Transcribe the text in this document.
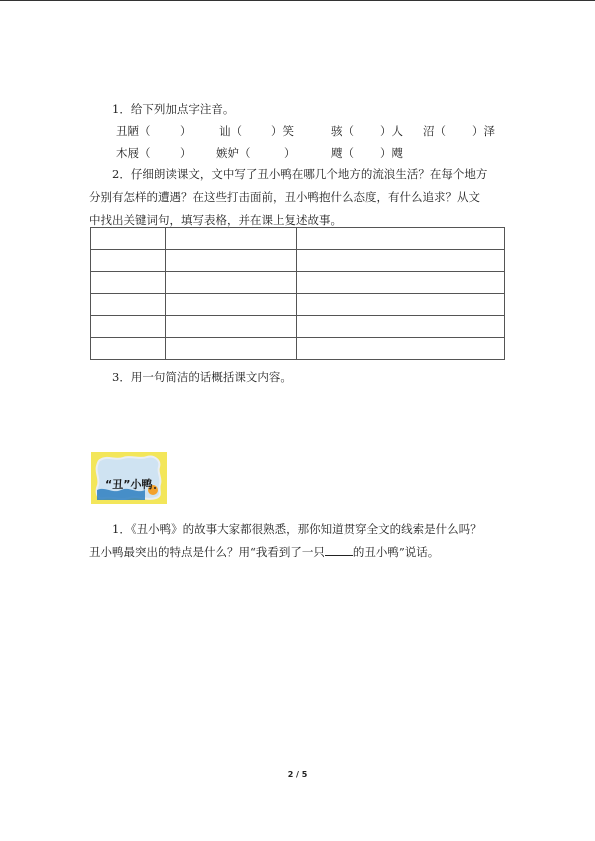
1．给下列加点字注音。
丑陋（	） 讪（	）笑	骇（ ）人 沼（ ）泽
木屐（	） 嫉妒（	）	飕（ ）飕
2．仔细朗读课文，文中写了丑小鸭在哪几个地方的流浪生活？在每个地方
分别有怎样的遭遇？在这些打击面前，丑小鸭抱什么态度，有什么追求？从文
中找出关键词句，填写表格，并在课上复述故事。

3．用一句简洁的话概括课文内容。
“丑”小鸭
1．《丑小鸭》的故事大家都很熟悉，那你知道贯穿全文的线索是什么吗？
丑小鸭最突出的特点是什么？用“我看到了一只 的丑小鸭”说话。
2 / 5
